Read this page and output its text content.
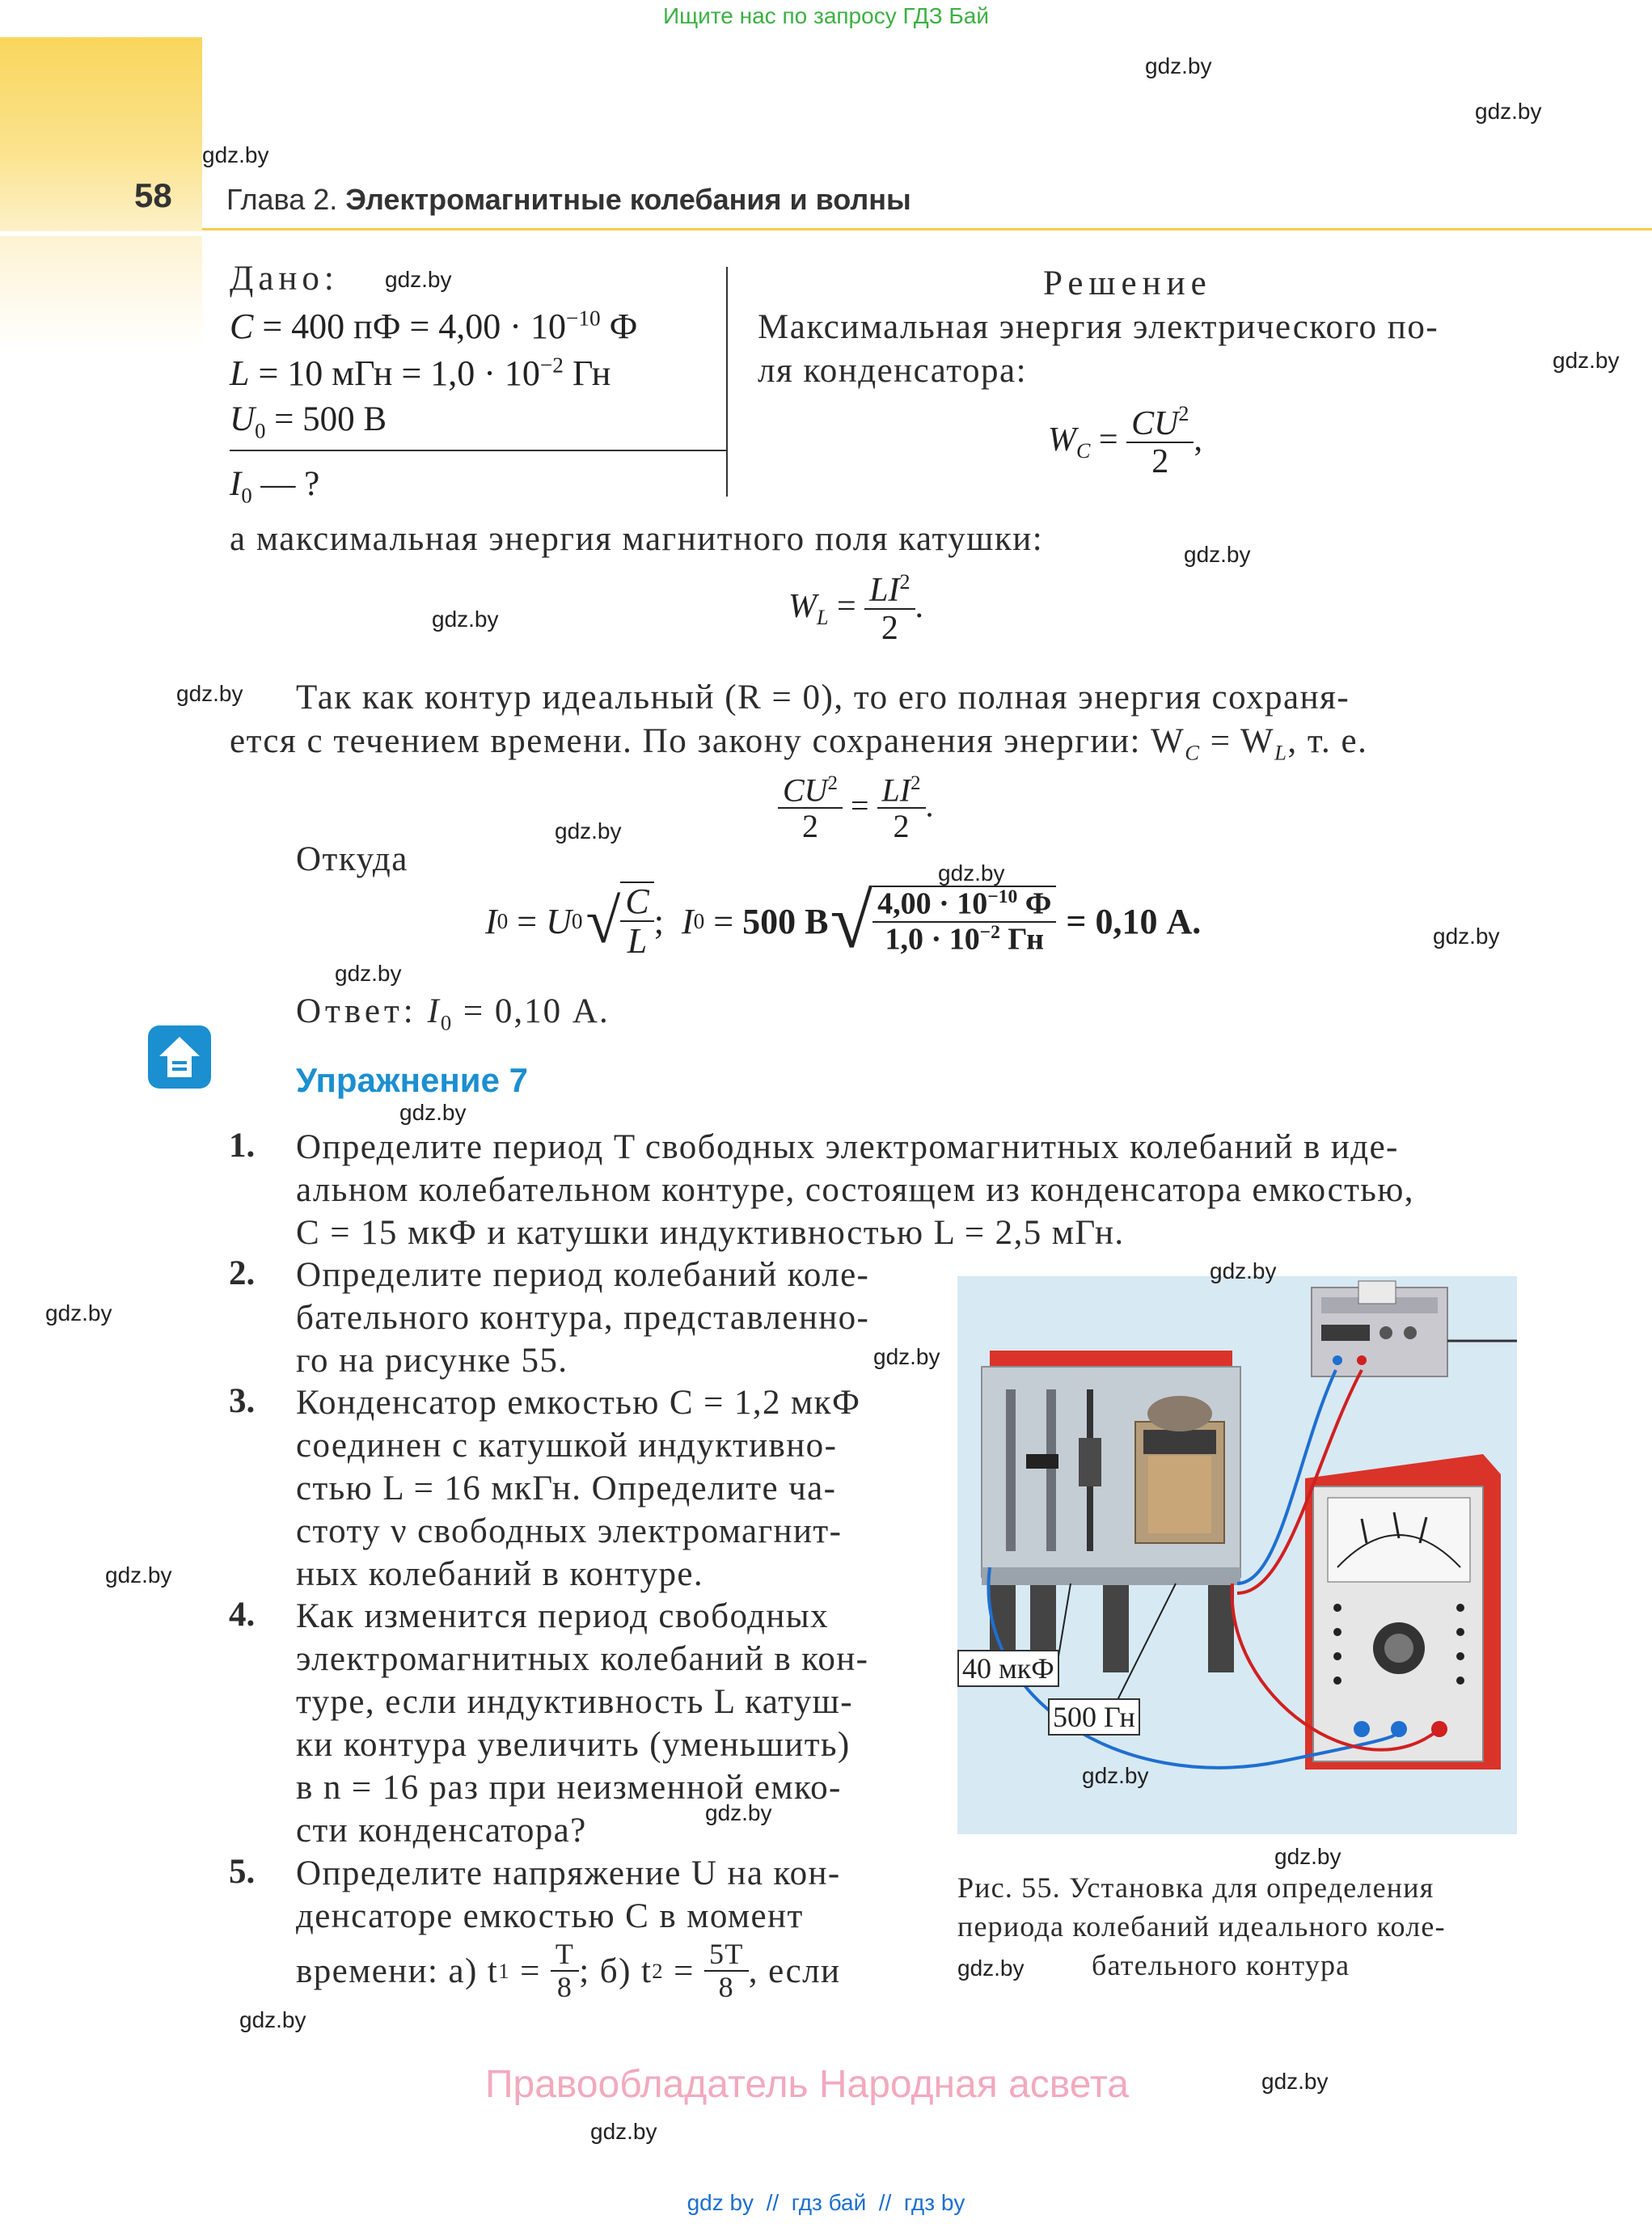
Ищите нас по запросу ГДЗ Бай
58 Глава 2. Электромагнитные колебания и волны
Дано:
C = 400 пФ = $4,00 \cdot 10^{-10}$ Ф
L = 10 мГн = $1,0 \cdot 10^{-2}$ Гн
$U_0 = 500$ В
$I_0$ — ?
Решение
Максимальная энергия электрического по-
ля конденсатора:
$W_C = \frac{CU^2}{2}$ ,
а максимальная энергия магнитного поля катушки:
$W_L = \frac{LI^2}{2}$ .
Так как контур идеальный (R = 0), то его полная энергия сохраня-
ется с течением времени. По закону сохранения энергии: $W_C = W_L$, т. е.
$\frac{CU^2}{2} = \frac{LI^2}{2}$ .
Откуда
I 0 = U 0 √ $\frac{C}{L}$ ; I 0 = 500 В √ $\frac{4,00 \cdot 10^{-10} Ф}{1,0 \cdot 10^{-2} Гн} = 0,10$ А.
Ответ: $I_0 = 0,10$ А.
Упражнение 7
1. Определите период T свободных электромагнитных колебаний в иде-
альном колебательном контуре, состоящем из конденсатора емкостью,
C = 15 мкФ и катушки индуктивностью L = 2,5 мГн.
2. Определите период колебаний коле-
бательного контура, представленно-
го на рисунке 55.
3. Конденсатор емкостью C = 1,2 мкФ
соединен с катушкой индуктивно-
стью L = 16 мкГн. Определите ча-
стоту ν свободных электромагнит-
ных колебаний в контуре.
4. Как изменится период свободных
электромагнитных колебаний в кон-
туре, если индуктивность L катуш-
ки контура увеличить (уменьшить)
в n = 16 раз при неизменной емко-
сти конденсатора?
5. Определите напряжение U на кон-
денсаторе емкостью C в момент
времени: а) t $1 = \frac{T}{8}$ ; б) t $2 = \frac{5T}{8}$ , если
40 мкФ
500 Гн
Рис. 55. Установка для определения
периода колебаний идеального коле-
бательного контура
Правообладатель Народная асвета
gdz by  //  гдз бай  //  гдз by
gdz.by
gdz.by
gdz.by
gdz.by
gdz.by
gdz.by
gdz.by
gdz.by
gdz.by
gdz.by
gdz.by
gdz.by
gdz.by
gdz.by
gdz.by
gdz.by
gdz.by
gdz.by
gdz.by
gdz.by
gdz.by
gdz.by
gdz.by
gdz.by
